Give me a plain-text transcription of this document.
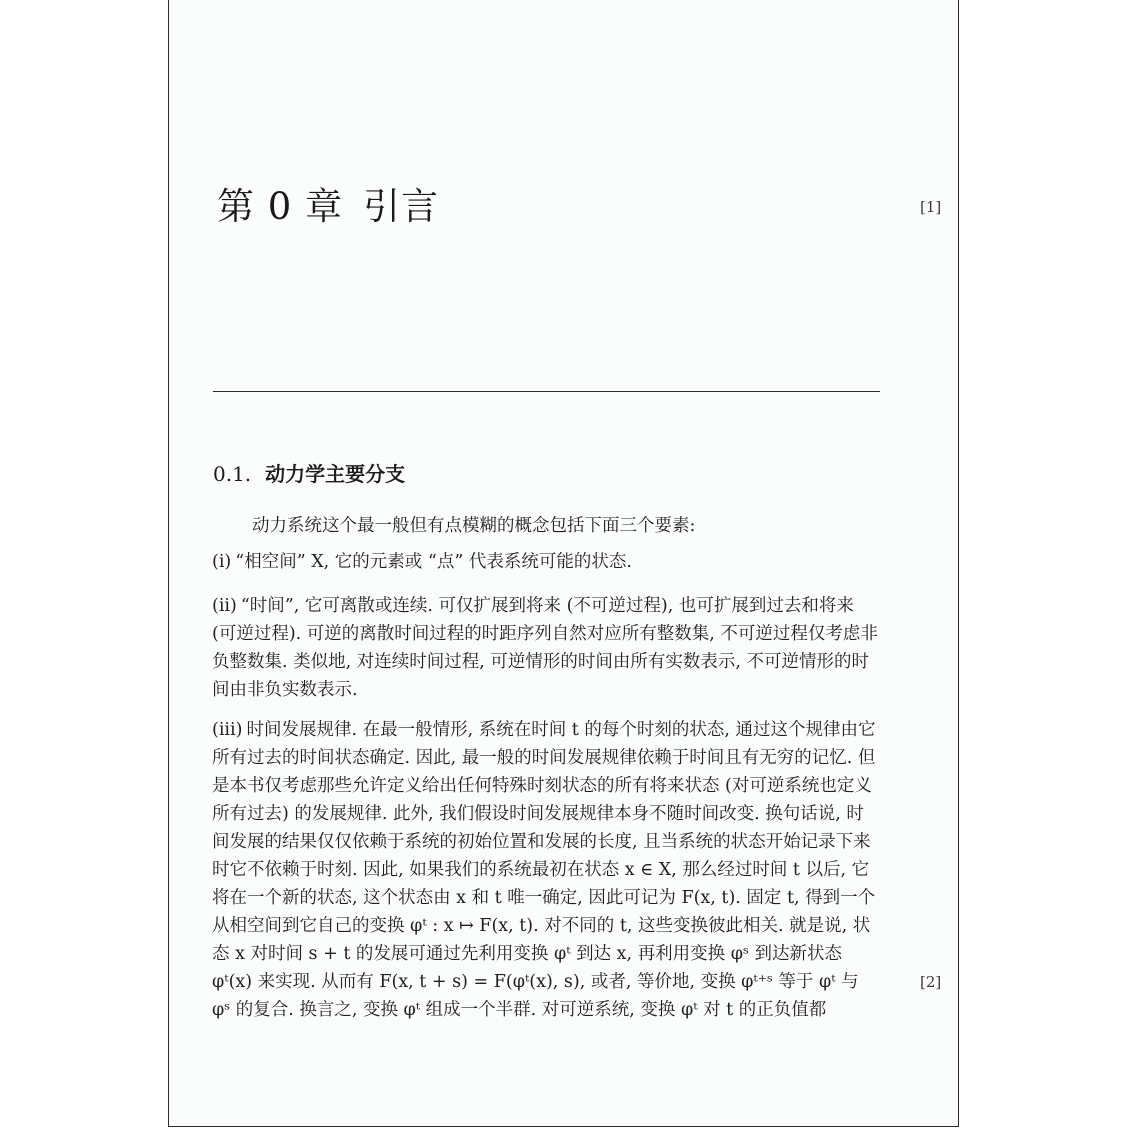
第 0 章 引言	[1]
[2]
0.1. 动力学主要分支
动力系统这个最一般但有点模糊的概念包括下面三个要素:
(i) “相空间” X, 它的元素或 “点” 代表系统可能的状态.
(ii) “时间”, 它可离散或连续. 可仅扩展到将来 (不可逆过程), 也可扩展到过去和将来 (可逆过程). 可逆的离散时间过程的时距序列自然对应所有整数集, 不可逆过程仅考虑非负整数集. 类似地, 对连续时间过程, 可逆情形的时间由所有实数表示, 不可逆情形的时间由非负实数表示.
(iii) 时间发展规律. 在最一般情形, 系统在时间 t 的每个时刻的状态, 通过这个规律由它所有过去的时间状态确定. 因此, 最一般的时间发展规律依赖于时间且有无穷的记忆. 但是本书仅考虑那些允许定义给出任何特殊时刻状态的所有将来状态 (对可逆系统也定义所有过去) 的发展规律. 此外, 我们假设时间发展规律本身不随时间改变. 换句话说, 时间发展的结果仅仅依赖于系统的初始位置和发展的长度, 且当系统的状态开始记录下来时它不依赖于时刻. 因此, 如果我们的系统最初在状态 x ∈ X, 那么经过时间 t 以后, 它将在一个新的状态, 这个状态由 x 和 t 唯一确定, 因此可记为 F(x, t). 固定 t, 得到一个从相空间到它自己的变换 φᵗ : x ↦ F(x, t). 对不同的 t, 这些变换彼此相关. 就是说, 状态 x 对时间 s + t 的发展可通过先利用变换 φᵗ 到达 x, 再利用变换 φˢ 到达新状态 φᵗ(x) 来实现. 从而有 F(x, t + s) = F(φᵗ(x), s), 或者, 等价地, 变换 φᵗ⁺ˢ 等于 φᵗ 与 φˢ 的复合. 换言之, 变换 φᵗ 组成一个半群. 对可逆系统, 变换 φᵗ 对 t 的正负值都
